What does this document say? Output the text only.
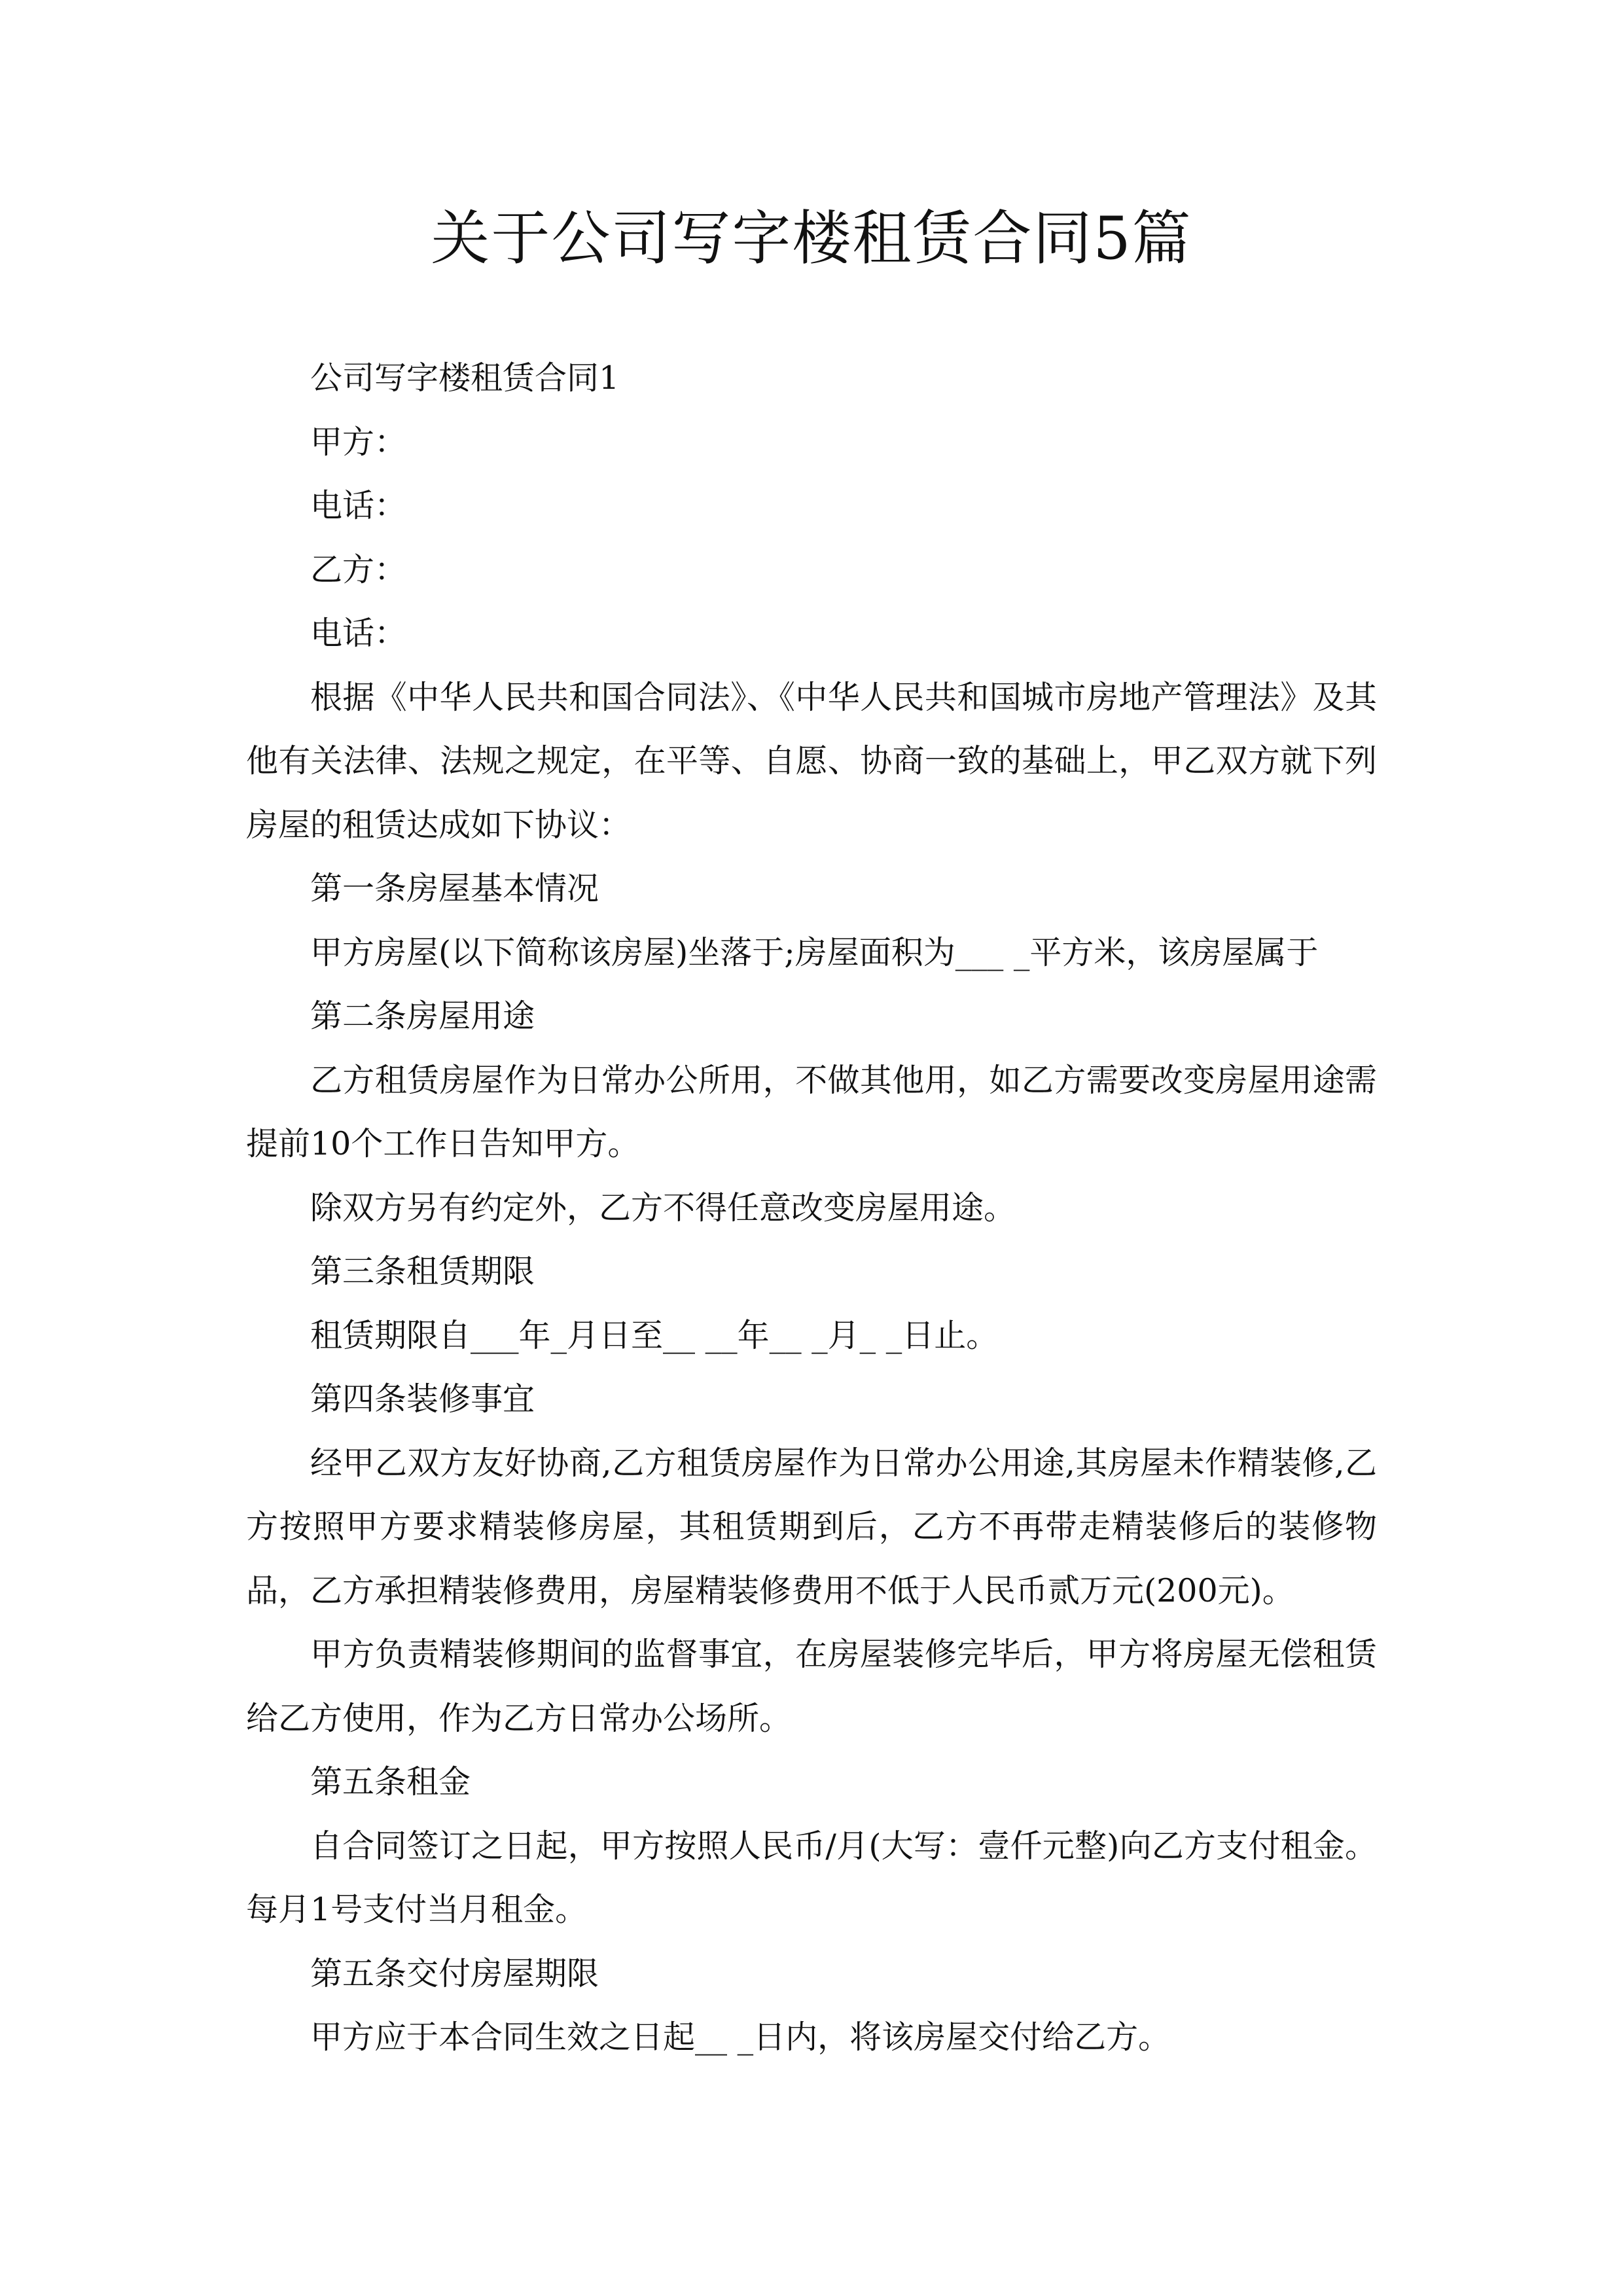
关于公司写字楼租赁合同5篇

公司写字楼租赁合同1

甲方：

电话：

乙方：

电话：

根据《中华人民共和国合同法》、《中华人民共和国城市房地产管理法》及其他有关法律、法规之规定，在平等、自愿、协商一致的基础上，甲乙双方就下列房屋的租赁达成如下协议：

第一条房屋基本情况

甲方房屋(以下简称该房屋)坐落于;房屋面积为___ _平方米，该房屋属于

第二条房屋用途

乙方租赁房屋作为日常办公所用，不做其他用，如乙方需要改变房屋用途需提前10个工作日告知甲方。

除双方另有约定外，乙方不得任意改变房屋用途。

第三条租赁期限

租赁期限自___年_月日至__ __年__ _月_ _日止。

第四条装修事宜

经甲乙双方友好协商,乙方租赁房屋作为日常办公用途,其房屋未作精装修,乙方按照甲方要求精装修房屋，其租赁期到后，乙方不再带走精装修后的装修物品，乙方承担精装修费用，房屋精装修费用不低于人民币贰万元(200元)。

甲方负责精装修期间的监督事宜，在房屋装修完毕后，甲方将房屋无偿租赁给乙方使用，作为乙方日常办公场所。

第五条租金

自合同签订之日起，甲方按照人民币/月(大写：壹仟元整)向乙方支付租金。每月1号支付当月租金。

第五条交付房屋期限

甲方应于本合同生效之日起__ _日内，将该房屋交付给乙方。
